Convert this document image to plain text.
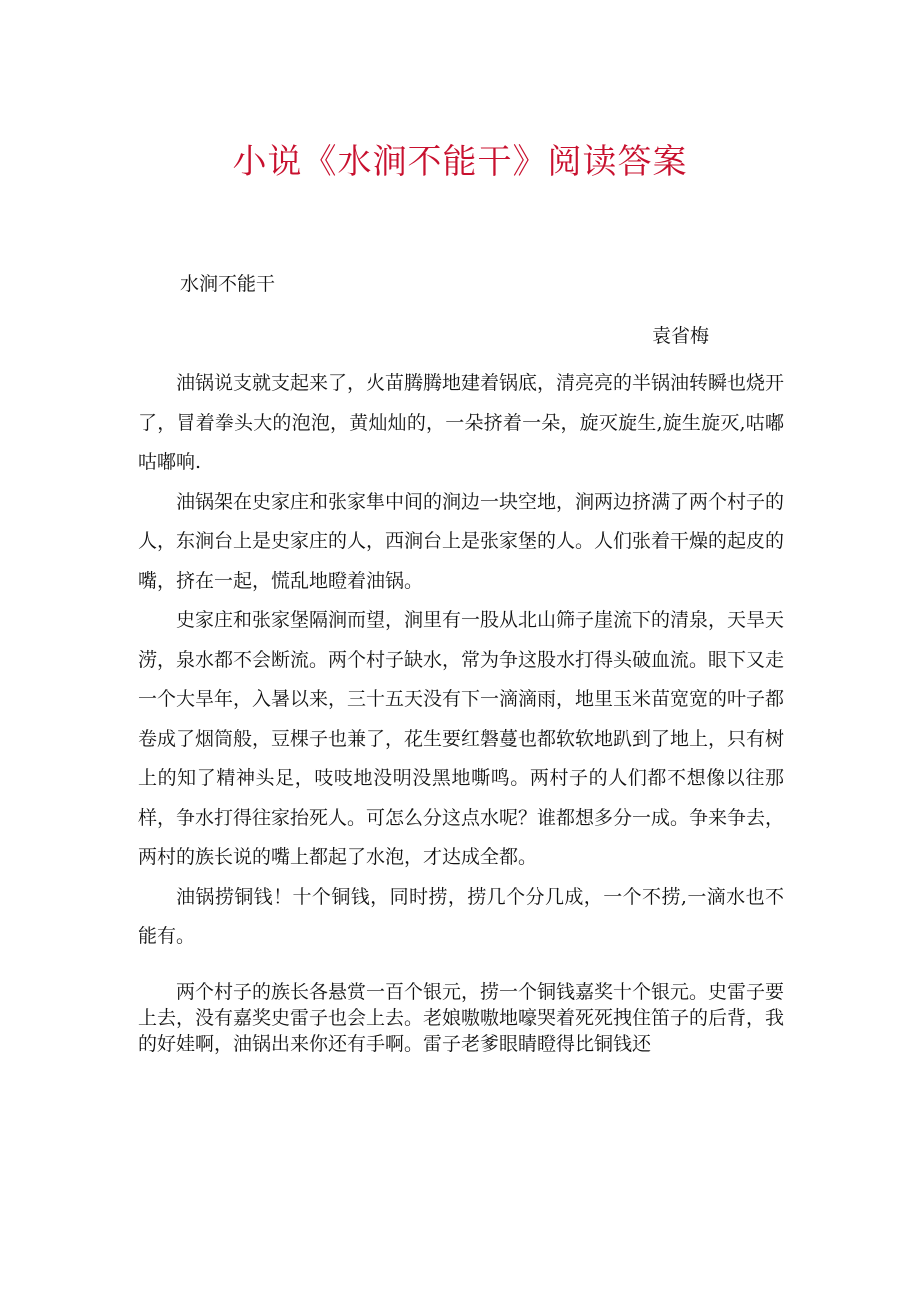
小说《水涧不能干》阅读答案

水涧不能干

袁省梅

油锅说支就支起来了，火苗腾腾地建着锅底，清亮亮的半锅油转瞬也烧开了，冒着拳头大的泡泡，黄灿灿的，一朵挤着一朵，旋灭旋生,旋生旋灭,咕嘟咕嘟响.

油锅架在史家庄和张家隼中间的涧边一块空地，涧两边挤满了两个村子的人，东涧台上是史家庄的人，西涧台上是张家堡的人。人们张着干燥的起皮的嘴，挤在一起，慌乱地瞪着油锅。

史家庄和张家堡隔涧而望，涧里有一股从北山筛子崖流下的清泉，天旱天涝，泉水都不会断流。两个村子缺水，常为争这股水打得头破血流。眼下又走一个大旱年，入暑以来，三十五天没有下一滴滴雨，地里玉米苗宽宽的叶子都卷成了烟筒般，豆棵子也兼了，花生要红磐蔓也都软软地趴到了地上，只有树上的知了精神头足，吱吱地没明没黑地嘶鸣。两村子的人们都不想像以往那样，争水打得往家抬死人。可怎么分这点水呢？谁都想多分一成。争来争去，两村的族长说的嘴上都起了水泡，才达成全都。

油锅捞铜钱！十个铜钱，同时捞，捞几个分几成，一个不捞,一滴水也不能有。

两个村子的族长各悬赏一百个银元，捞一个铜钱嘉奖十个银元。史雷子要上去，没有嘉奖史雷子也会上去。老娘嗷嗷地嚎哭着死死拽住笛子的后背，我的好娃啊，油锅出来你还有手啊。雷子老爹眼睛瞪得比铜钱还
